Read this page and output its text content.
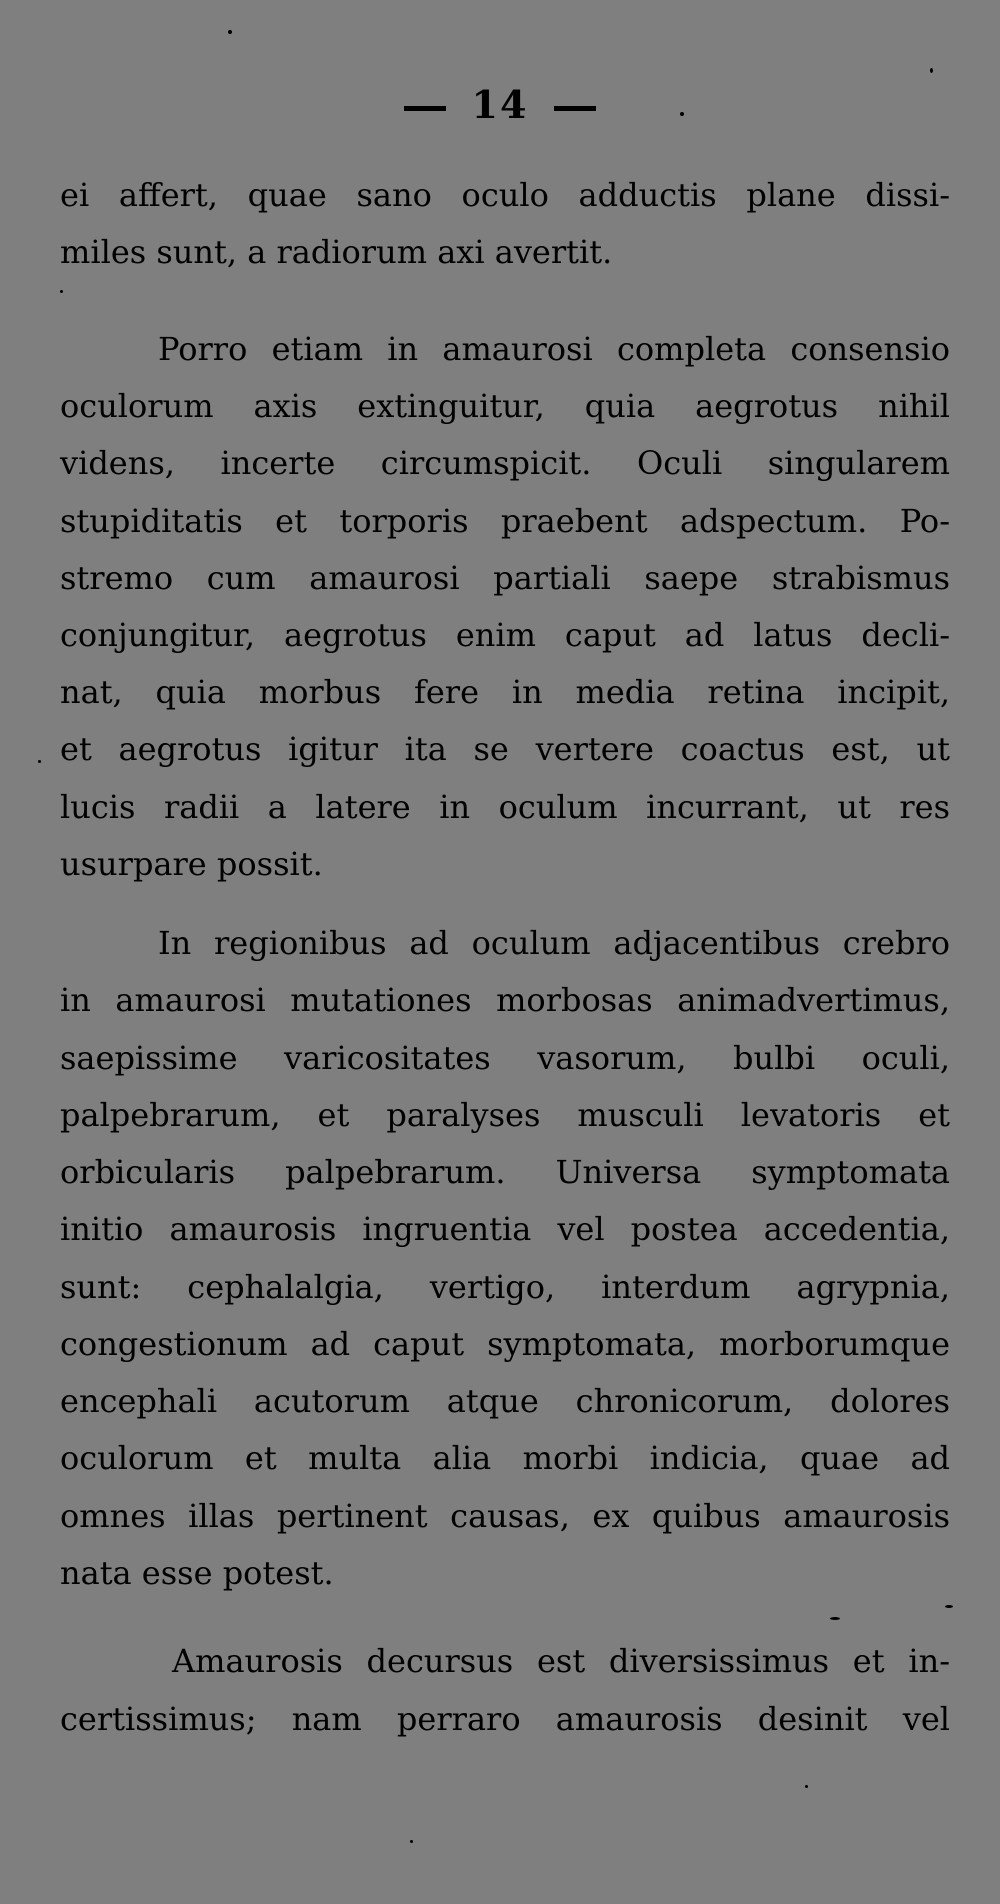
14
ei affert, quae sano oculo adductis plane dissi-
miles sunt, a radiorum axi avertit.
Porro etiam in amaurosi completa consensio
oculorum axis extinguitur, quia aegrotus nihil
videns, incerte circumspicit. Oculi singularem
stupiditatis et torporis praebent adspectum. Po-
stremo cum amaurosi partiali saepe strabismus
conjungitur, aegrotus enim caput ad latus decli-
nat, quia morbus fere in media retina incipit,
et aegrotus igitur ita se vertere coactus est, ut
lucis radii a latere in oculum incurrant, ut res
usurpare possit.
In regionibus ad oculum adjacentibus crebro
in amaurosi mutationes morbosas animadvertimus,
saepissime varicositates vasorum, bulbi oculi,
palpebrarum, et paralyses musculi levatoris et
orbicularis palpebrarum. Universa symptomata
initio amaurosis ingruentia vel postea accedentia,
sunt: cephalalgia, vertigo, interdum agrypnia,
congestionum ad caput symptomata, morborumque
encephali acutorum atque chronicorum, dolores
oculorum et multa alia morbi indicia, quae ad
omnes illas pertinent causas, ex quibus amaurosis
nata esse potest.
Amaurosis decursus est diversissimus et in-
certissimus; nam perraro amaurosis desinit vel
